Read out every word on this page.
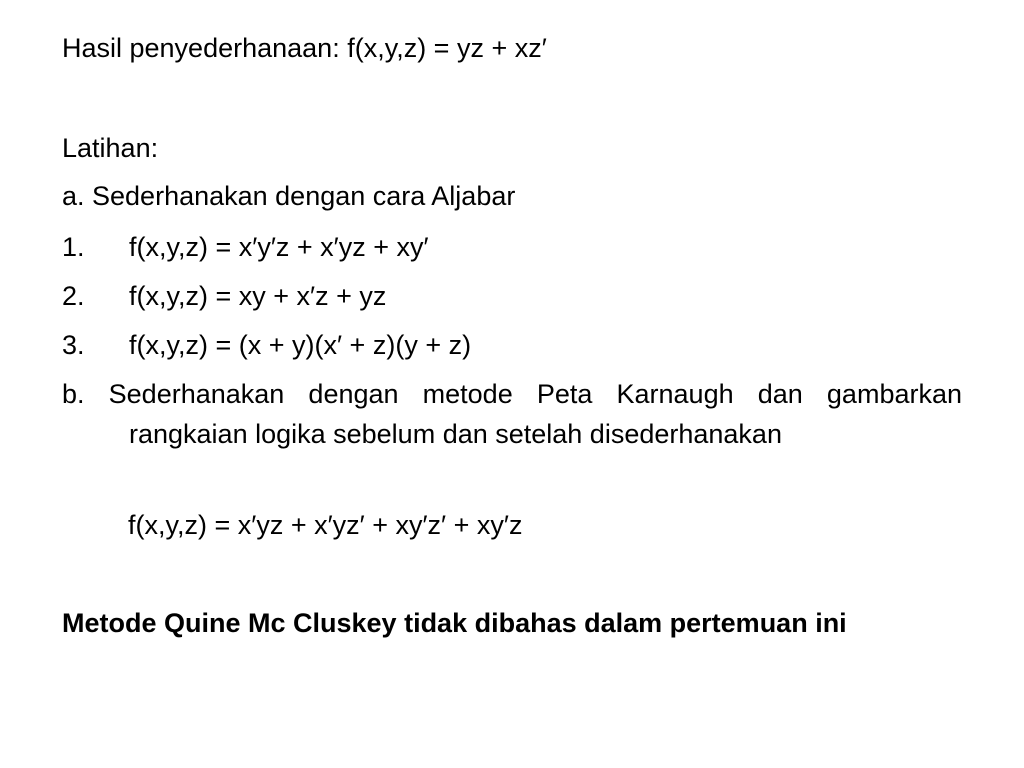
Hasil penyederhanaan: f(x,y,z) = yz + xz′
Latihan:
a. Sederhanakan dengan cara Aljabar
1. f(x,y,z) = x′y′z + x′yz + xy′
2. f(x,y,z) = xy + x′z + yz
3. f(x,y,z) = (x + y)(x′ + z)(y + z)
b. Sederhanakan dengan metode Peta Karnaugh dan gambarkan rangkaian logika sebelum dan setelah disederhanakan
f(x,y,z) = x′yz + x′yz′ + xy′z′ + xy′z
Metode Quine Mc Cluskey tidak dibahas dalam pertemuan ini
